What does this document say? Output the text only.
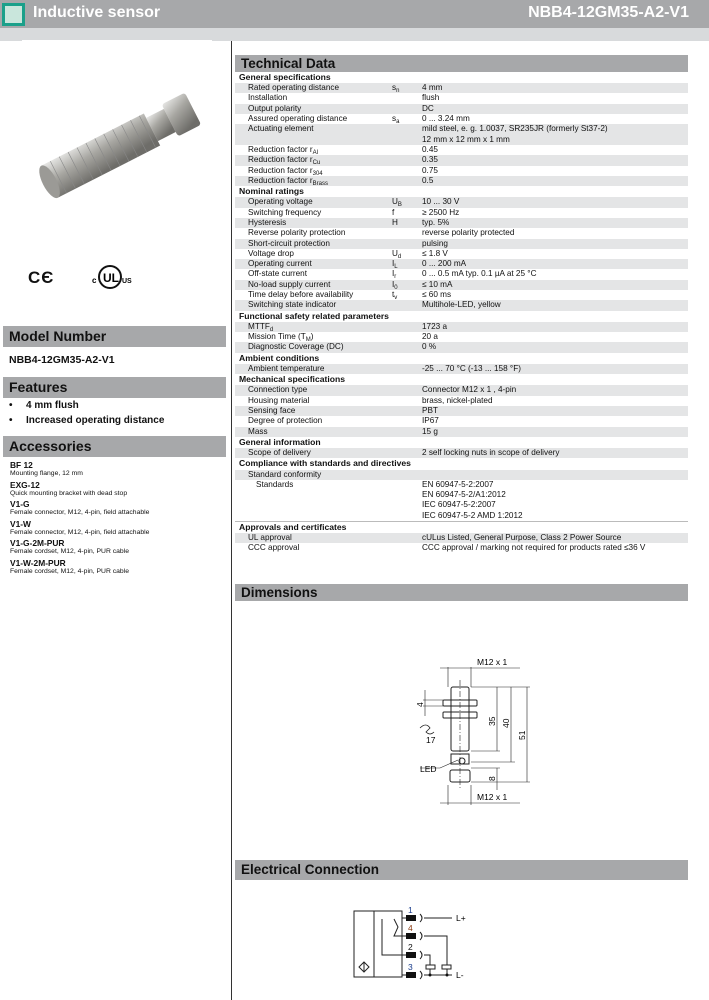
Inductive sensor	NBB4-12GM35-A2-V1
CЄ	c UL US
Model Number
NBB4-12GM35-A2-V1
Features
• 4 mm flush
• Increased operating distance
Accessories
BF 12
Mounting flange, 12 mm
EXG-12
Quick mounting bracket with dead stop
V1-G
Female connector, M12, 4-pin, field attachable
V1-W
Female connector, M12, 4-pin, field attachable
V1-G-2M-PUR
Female cordset, M12, 4-pin, PUR cable
V1-W-2M-PUR
Female cordset, M12, 4-pin, PUR cable
Technical Data
General specifications
Rated operating distance	$s_n$	4 mm
Installation	flush
Output polarity	DC
Assured operating distance	$s_a$	0 ... 3.24 mm
Actuating element	mild steel, e. g. 1.0037, SR235JR (formerly St37-2)
12 mm x 12 mm x 1 mm
Reduction factor $r_{Al}$	0.45
Reduction factor $r_{Cu}$	0.35
Reduction factor $r_{304}$	0.75
Reduction factor $r_{Brass}$	0.5
Nominal ratings
Operating voltage	$U_B$	10 ... 30 V
Switching frequency	f	≥ 2500 Hz
Hysteresis	H	typ. 5%
Reverse polarity protection	reverse polarity protected
Short-circuit protection	pulsing
Voltage drop	$U_d$	≤ 1.8 V
Operating current	$I_L$	0 ... 200 mA
Off-state current	$I_r$	0 ... 0.5 mA typ. 0.1 µA at 25 °C
No-load supply current	$I_0$	≤ 10 mA
Time delay before availability	$t_v$	≤ 60 ms
Switching state indicator	Multihole-LED, yellow
Functional safety related parameters
$MTTF_d$	1723 a
Mission Time $(T_M)$	20 a
Diagnostic Coverage (DC)	0 %
Ambient conditions
Ambient temperature	-25 ... 70 °C (-13 ... 158 °F)
Mechanical specifications
Connection type	Connector M12 x 1 , 4-pin
Housing material	brass, nickel-plated
Sensing face	PBT
Degree of protection	IP67
Mass	15 g
General information
Scope of delivery	2 self locking nuts in scope of delivery
Compliance with standards and directives
Standard conformity
Standards	EN 60947-5-2:2007
EN 60947-5-2/A1:2012
IEC 60947-5-2:2007
IEC 60947-5-2 AMD 1:2012
Approvals and certificates
UL approval	cULus Listed, General Purpose, Class 2 Power Source
CCC approval	CCC approval / marking not required for products rated ≤36 V
Dimensions
M12 x 1
M12 x 1
4
17
35 40
51
8
LED
Electrical Connection
1
4
2
3
L+
L-
